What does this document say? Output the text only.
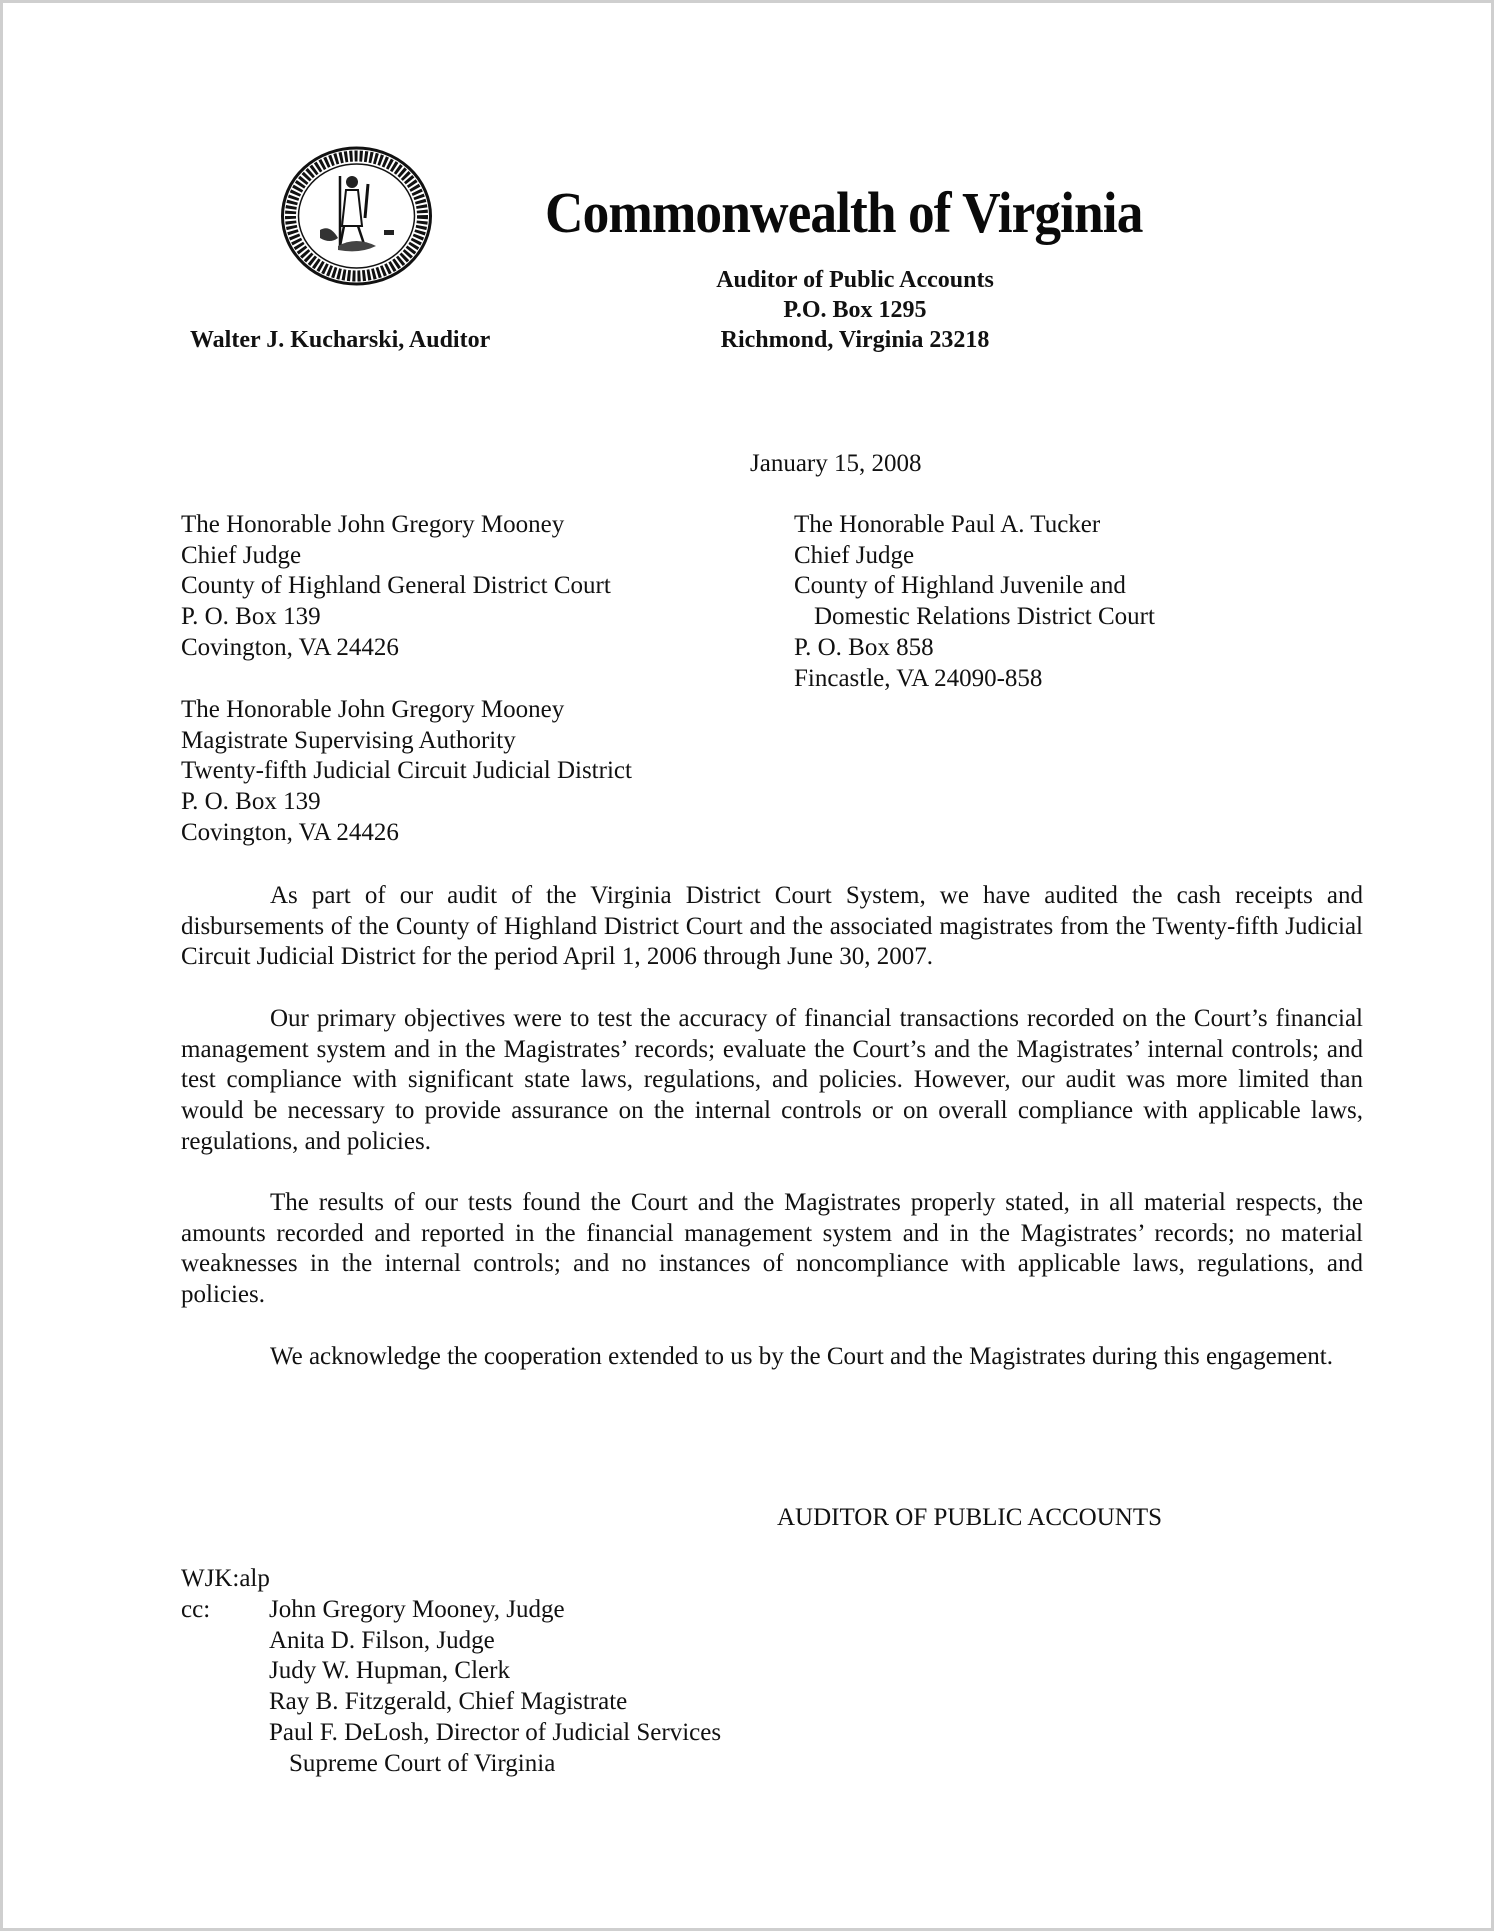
Commonwealth of Virginia
Auditor of Public Accounts
P.O. Box 1295
Richmond, Virginia 23218
Walter J. Kucharski, Auditor
January 15, 2008
The Honorable John Gregory Mooney
Chief Judge
County of Highland General District Court
P. O. Box 139
Covington, VA 24426
The Honorable John Gregory Mooney
Magistrate Supervising Authority
Twenty-fifth Judicial Circuit Judicial District
P. O. Box 139
Covington, VA 24426
The Honorable Paul A. Tucker
Chief Judge
County of Highland Juvenile and
Domestic Relations District Court
P. O. Box 858
Fincastle, VA 24090-858

As part of our audit of the Virginia District Court System, we have audited the cash receipts and disbursements of the County of Highland District Court and the associated magistrates from the Twenty-fifth Judicial Circuit Judicial District for the period April 1, 2006 through June 30, 2007.

Our primary objectives were to test the accuracy of financial transactions recorded on the Court’s financial management system and in the Magistrates’ records; evaluate the Court’s and the Magistrates’ internal controls; and test compliance with significant state laws, regulations, and policies. However, our audit was more limited than would be necessary to provide assurance on the internal controls or on overall compliance with applicable laws, regulations, and policies.

The results of our tests found the Court and the Magistrates properly stated, in all material respects, the amounts recorded and reported in the financial management system and in the Magistrates’ records; no material weaknesses in the internal controls; and no instances of noncompliance with applicable laws, regulations, and policies.

We acknowledge the cooperation extended to us by the Court and the Magistrates during this engagement.

AUDITOR OF PUBLIC ACCOUNTS
WJK:alp
cc: John Gregory Mooney, Judge
Anita D. Filson, Judge
Judy W. Hupman, Clerk
Ray B. Fitzgerald, Chief Magistrate
Paul F. DeLosh, Director of Judicial Services
Supreme Court of Virginia
